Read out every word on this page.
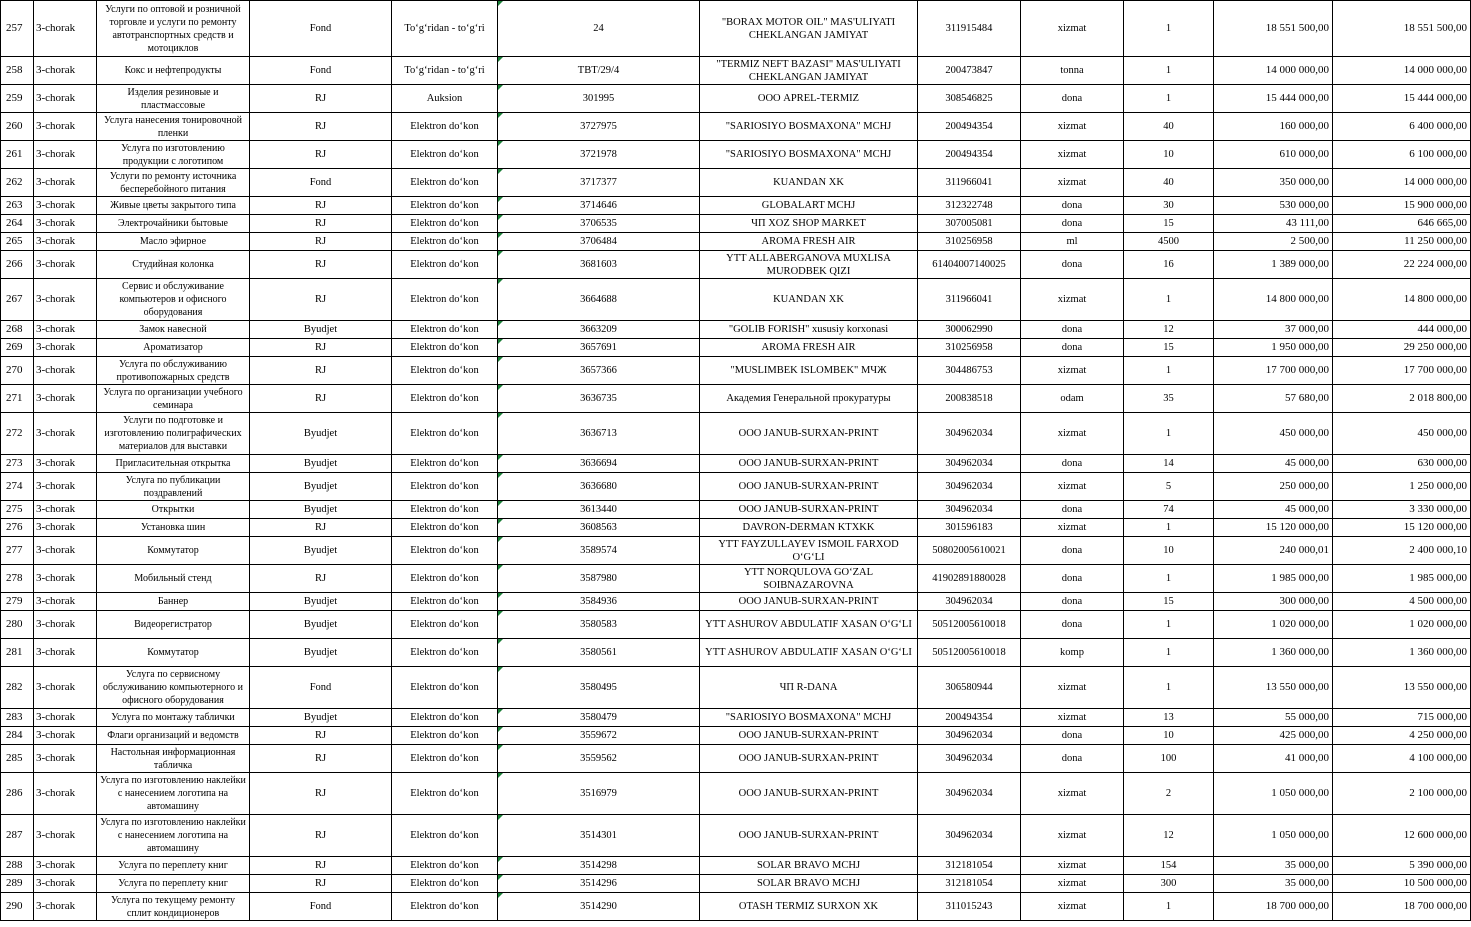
257	3-chorak	Услуги по оптовой и розничной торговле и услуги по ремонту автотранспортных средств и мотоциклов	Fond	To‘g‘ridan - to‘g‘ri	24	"BORAX MOTOR OIL" MAS'ULIYATI CHEKLANGAN JAMIYAT	311915484	xizmat	1	18 551 500,00	18 551 500,00
258	3-chorak	Кокс и нефтепродукты	Fond	To‘g‘ridan - to‘g‘ri	TBT/29/4	"TERMIZ NEFT BAZASI" MAS'ULIYATI CHEKLANGAN JAMIYAT	200473847	tonna	1	14 000 000,00	14 000 000,00
259	3-chorak	Изделия резиновые и пластмассовые	RJ	Auksion	301995	ООО APREL-TERMIZ	308546825	dona	1	15 444 000,00	15 444 000,00
260	3-chorak	Услуга нанесения тонировочной пленки	RJ	Elektron do‘kon	3727975	"SARIOSIYO BOSMAXONA" MCHJ	200494354	xizmat	40	160 000,00	6 400 000,00
261	3-chorak	Услуга по изготовлению продукции с логотипом	RJ	Elektron do‘kon	3721978	"SARIOSIYO BOSMAXONA" MCHJ	200494354	xizmat	10	610 000,00	6 100 000,00
262	3-chorak	Услуги по ремонту источника бесперебойного питания	Fond	Elektron do‘kon	3717377	KUANDAN XK	311966041	xizmat	40	350 000,00	14 000 000,00
263	3-chorak	Живые цветы закрытого типа	RJ	Elektron do‘kon	3714646	GLOBALART MCHJ	312322748	dona	30	530 000,00	15 900 000,00
264	3-chorak	Электрочайники бытовые	RJ	Elektron do‘kon	3706535	ЧП XOZ SHOP MARKET	307005081	dona	15	43 111,00	646 665,00
265	3-chorak	Масло эфирное	RJ	Elektron do‘kon	3706484	AROMA FRESH AIR	310256958	ml	4500	2 500,00	11 250 000,00
266	3-chorak	Студийная колонка	RJ	Elektron do‘kon	3681603	YTT ALLABERGANOVA MUXLISA MURODBEK QIZI	61404007140025	dona	16	1 389 000,00	22 224 000,00
267	3-chorak	Сервис и обслуживание компьютеров и офисного оборудования	RJ	Elektron do‘kon	3664688	KUANDAN XK	311966041	xizmat	1	14 800 000,00	14 800 000,00
268	3-chorak	Замок навесной	Byudjet	Elektron do‘kon	3663209	"GOLIB FORISH" xususiy korxonasi	300062990	dona	12	37 000,00	444 000,00
269	3-chorak	Ароматизатор	RJ	Elektron do‘kon	3657691	AROMA FRESH AIR	310256958	dona	15	1 950 000,00	29 250 000,00
270	3-chorak	Услуга по обслуживанию противопожарных средств	RJ	Elektron do‘kon	3657366	"MUSLIMBEK ISLOMBEK" МЧЖ	304486753	xizmat	1	17 700 000,00	17 700 000,00
271	3-chorak	Услуга по организации учебного семинара	RJ	Elektron do‘kon	3636735	Академия Генеральной прокуратуры	200838518	odam	35	57 680,00	2 018 800,00
272	3-chorak	Услуги по подготовке и изготовлению полиграфических материалов для выставки	Byudjet	Elektron do‘kon	3636713	ООО JANUB-SURXAN-PRINT	304962034	xizmat	1	450 000,00	450 000,00
273	3-chorak	Пригласительная открытка	Byudjet	Elektron do‘kon	3636694	ООО JANUB-SURXAN-PRINT	304962034	dona	14	45 000,00	630 000,00
274	3-chorak	Услуга по публикации поздравлений	Byudjet	Elektron do‘kon	3636680	ООО JANUB-SURXAN-PRINT	304962034	xizmat	5	250 000,00	1 250 000,00
275	3-chorak	Открытки	Byudjet	Elektron do‘kon	3613440	ООО JANUB-SURXAN-PRINT	304962034	dona	74	45 000,00	3 330 000,00
276	3-chorak	Установка шин	RJ	Elektron do‘kon	3608563	DAVRON-DERMAN KTXKK	301596183	xizmat	1	15 120 000,00	15 120 000,00
277	3-chorak	Коммутатор	Byudjet	Elektron do‘kon	3589574	YTT FAYZULLAYEV ISMOIL FARXOD O‘G‘LI	50802005610021	dona	10	240 000,01	2 400 000,10
278	3-chorak	Мобильный стенд	RJ	Elektron do‘kon	3587980	YTT NORQULOVA GO‘ZAL SOIBNAZAROVNA	41902891880028	dona	1	1 985 000,00	1 985 000,00
279	3-chorak	Баннер	Byudjet	Elektron do‘kon	3584936	ООО JANUB-SURXAN-PRINT	304962034	dona	15	300 000,00	4 500 000,00
280	3-chorak	Видеорегистратор	Byudjet	Elektron do‘kon	3580583	YTT ASHUROV ABDULATIF XASAN O‘G‘LI	50512005610018	dona	1	1 020 000,00	1 020 000,00
281	3-chorak	Коммутатор	Byudjet	Elektron do‘kon	3580561	YTT ASHUROV ABDULATIF XASAN O‘G‘LI	50512005610018	komp	1	1 360 000,00	1 360 000,00
282	3-chorak	Услуга по сервисному обслуживанию компьютерного и офисного оборудования	Fond	Elektron do‘kon	3580495	ЧП R-DANA	306580944	xizmat	1	13 550 000,00	13 550 000,00
283	3-chorak	Услуга по монтажу таблички	Byudjet	Elektron do‘kon	3580479	"SARIOSIYO BOSMAXONA" MCHJ	200494354	xizmat	13	55 000,00	715 000,00
284	3-chorak	Флаги организаций и ведомств	RJ	Elektron do‘kon	3559672	ООО JANUB-SURXAN-PRINT	304962034	dona	10	425 000,00	4 250 000,00
285	3-chorak	Настольная информационная табличка	RJ	Elektron do‘kon	3559562	ООО JANUB-SURXAN-PRINT	304962034	dona	100	41 000,00	4 100 000,00
286	3-chorak	Услуга по изготовлению наклейки с нанесением логотипа на автомашину	RJ	Elektron do‘kon	3516979	ООО JANUB-SURXAN-PRINT	304962034	xizmat	2	1 050 000,00	2 100 000,00
287	3-chorak	Услуга по изготовлению наклейки с нанесением логотипа на автомашину	RJ	Elektron do‘kon	3514301	ООО JANUB-SURXAN-PRINT	304962034	xizmat	12	1 050 000,00	12 600 000,00
288	3-chorak	Услуга по переплету книг	RJ	Elektron do‘kon	3514298	SOLAR BRAVO MCHJ	312181054	xizmat	154	35 000,00	5 390 000,00
289	3-chorak	Услуга по переплету книг	RJ	Elektron do‘kon	3514296	SOLAR BRAVO MCHJ	312181054	xizmat	300	35 000,00	10 500 000,00
290	3-chorak	Услуга по текущему ремонту сплит кондиционеров	Fond	Elektron do‘kon	3514290	OTASH TERMIZ SURXON XK	311015243	xizmat	1	18 700 000,00	18 700 000,00
